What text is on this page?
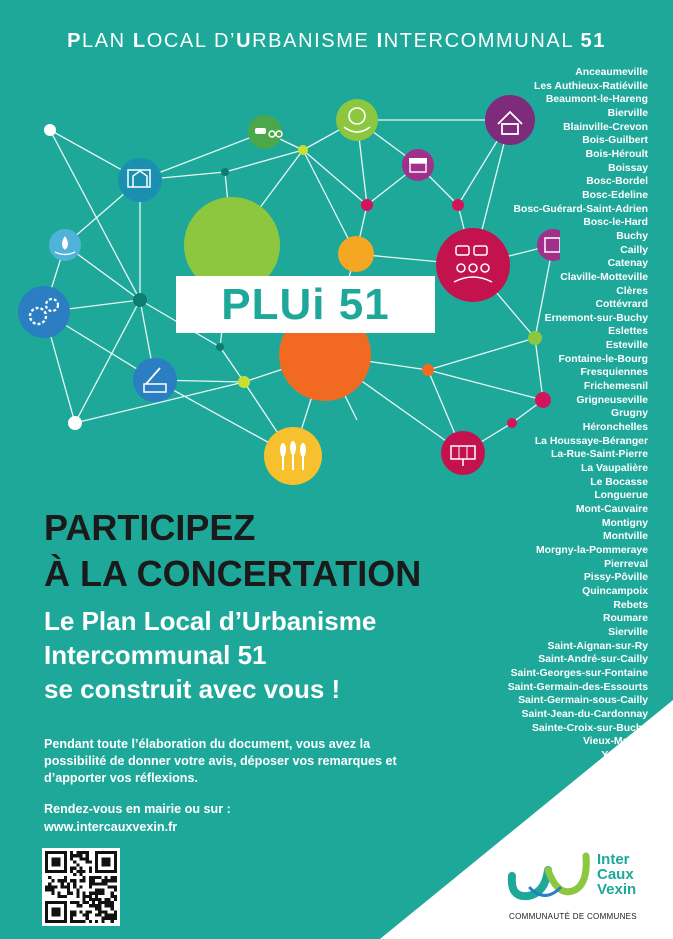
PLAN LOCAL D’URBANISME INTERCOMMUNAL 51
PLUi 51
Anceaumeville
Les Authieux-Ratiéville
Beaumont-le-Hareng
Bierville
Blainville-Crevon
Bois-Guilbert
Bois-Héroult
Boissay
Bosc-Bordel
Bosc-Edeline
Bosc-Guérard-Saint-Adrien
Bosc-le-Hard
Buchy
Cailly
Catenay
Claville-Motteville
Clères
Cottévrard
Ernemont-sur-Buchy
Eslettes
Esteville
Fontaine-le-Bourg
Fresquiennes
Frichemesnil
Grigneuseville
Grugny
Héronchelles
La Houssaye-Béranger
La-Rue-Saint-Pierre
La Vaupalière
Le Bocasse
Longuerue
Mont-Cauvaire
Montigny
Montville
Morgny-la-Pommeraye
Pierreval
Pissy-Pôville
Quincampoix
Rebets
Roumare
Sierville
Saint-Aignan-sur-Ry
Saint-André-sur-Cailly
Saint-Georges-sur-Fontaine
Saint-Germain-des-Essourts
Saint-Germain-sous-Cailly
Saint-Jean-du-Cardonnay
Sainte-Croix-sur-Buchy
Vieux-Manoir
Yquebeuf
PARTICIPEZ
À LA CONCERTATION
Le Plan Local d’Urbanisme
Intercommunal 51
se construit avec vous !

Pendant toute l’élaboration du document, vous avez la possibilité de donner votre avis, déposer vos remarques et d’apporter vos réflexions.

Rendez-vous en mairie ou sur :
www.intercauxvexin.fr

Inter
Caux
Vexin
COMMUNAUTÉ DE COMMUNES
